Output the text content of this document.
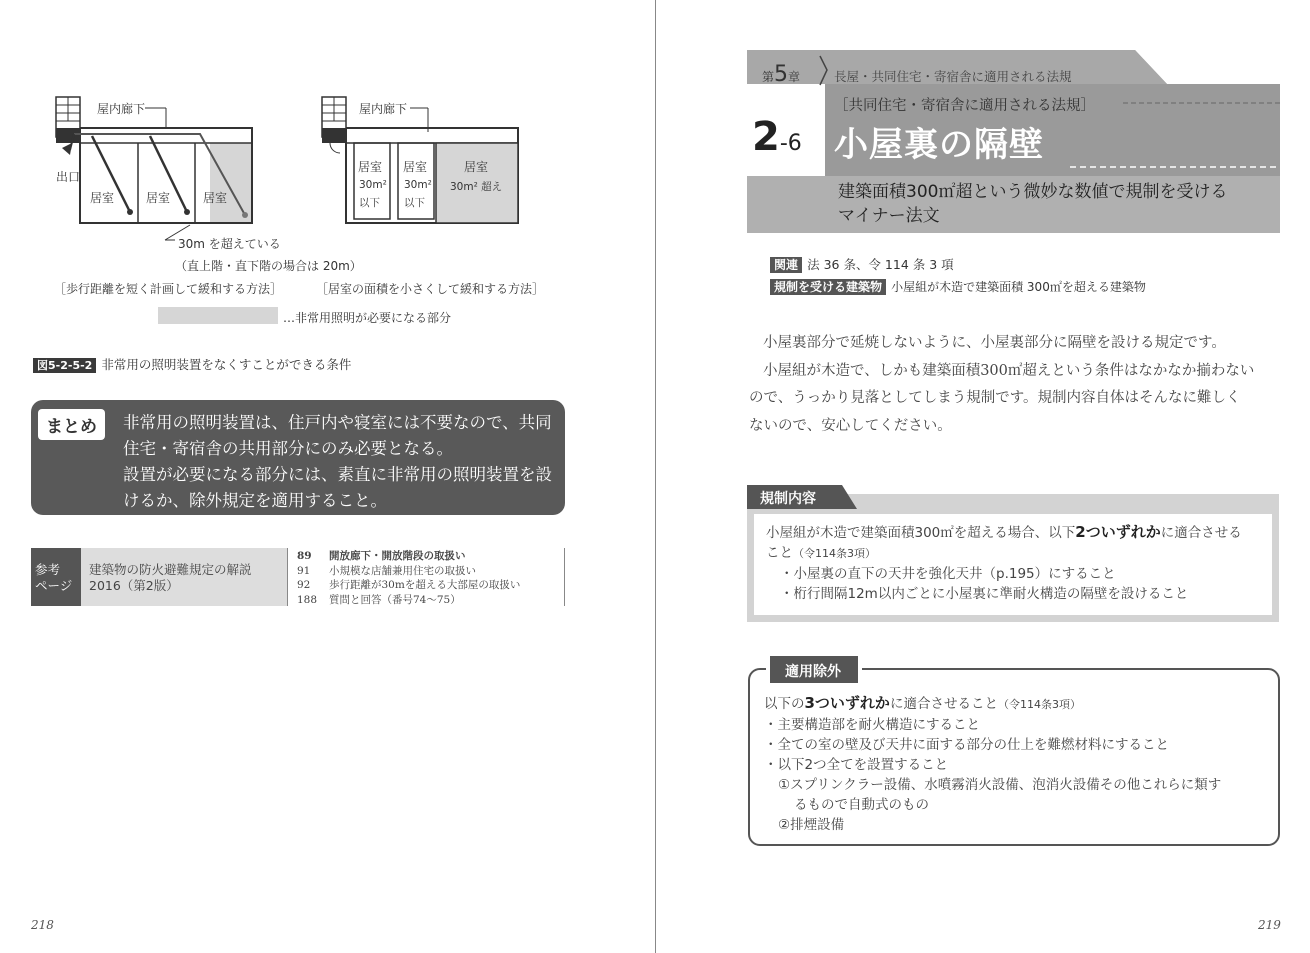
屋内廊下	屋内廊下
出口
居室	居室	居室
居室
30m²
以下
居室
30m²
以下
居室
30m² 超え
30m を超えている
（直上階・直下階の場合は 20m）
［歩行距離を短く計画して緩和する方法］	［居室の面積を小さくして緩和する方法］
…非常用照明が必要になる部分
図5-2-5-2 非常用の照明装置をなくすことができる条件
まとめ	非常用の照明装置は、住戸内や寝室には不要なので、共同
住宅・寄宿舎の共用部分にのみ必要となる。
設置が必要になる部分には、素直に非常用の照明装置を設
けるか、除外規定を適用すること。
参考
ページ
建築物の防火避難規定の解説
2016（第2版）
89 開放廊下・開放階段の取扱い
91 小規模な店舗兼用住宅の取扱い
92 歩行距離が30mを超える大部屋の取扱い
188 質問と回答（番号74～75）
218
第5章	長屋・共同住宅・寄宿舎に適用される法規
［共同住宅・寄宿舎に適用される法規］
2-6 小屋裏の隔壁
建築面積300㎡超という微妙な数値で規制を受ける
マイナー法文
関連 法 36 条、令 114 条 3 項
規制を受ける建築物 小屋組が木造で建築面積 300㎡を超える建築物
小屋裏部分で延焼しないように、小屋裏部分に隔壁を設ける規定です。
小屋組が木造で、しかも建築面積300㎡超えという条件はなかなか揃わない
ので、うっかり見落としてしまう規制です。規制内容自体はそんなに難しく
ないので、安心してください。
規制内容
小屋組が木造で建築面積300㎡を超える場合、以下2ついずれかに適合させる
こと（令114条3項）
・小屋裏の直下の天井を強化天井（p.195）にすること
・桁行間隔12m以内ごとに小屋裏に準耐火構造の隔壁を設けること
適用除外
以下の3ついずれかに適合させること（令114条3項）
・主要構造部を耐火構造にすること
・全ての室の壁及び天井に面する部分の仕上を難燃材料にすること
・以下2つ全てを設置すること
①スプリンクラー設備、水噴霧消火設備、泡消火設備その他これらに類す
るもので自動式のもの
②排煙設備
219
